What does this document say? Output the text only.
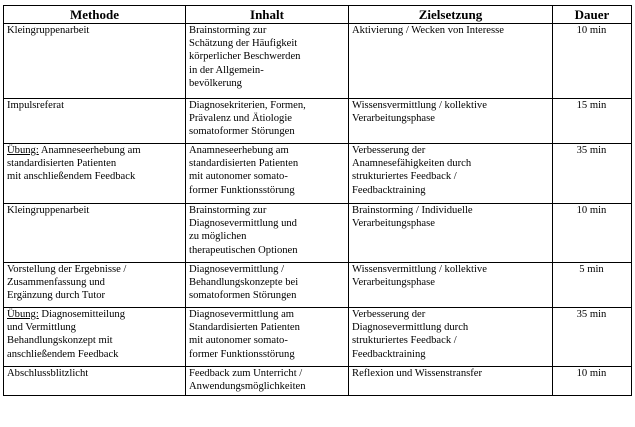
Methode	Inhalt	Zielsetzung	Dauer

Kleingruppenarbeit	Brainstorming zur
Schätzung der Häufigkeit
körperlicher Beschwerden
in der Allgemein-
bevölkerung	Aktivierung / Wecken von Interesse	10 min

Impulsreferat	Diagnosekriterien, Formen,
Prävalenz und Ätiologie
somatoformer Störungen	Wissensvermittlung / kollektive
Verarbeitungsphase	15 min

Übung: Anamneseerhebung am
standardisierten Patienten
mit anschließendem Feedback	Anamneseerhebung am
standardisierten Patienten
mit autonomer somato-
former Funktionsstörung	Verbesserung der
Anamnesefähigkeiten durch
strukturiertes Feedback /
Feedbacktraining	35 min

Kleingruppenarbeit	Brainstorming zur
Diagnosevermittlung und
zu möglichen
therapeutischen Optionen	Brainstorming / Individuelle
Verarbeitungsphase	10 min

Vorstellung der Ergebnisse /
Zusammenfassung und
Ergänzung durch Tutor	Diagnosevermittlung /
Behandlungskonzepte bei
somatoformen Störungen	Wissensvermittlung / kollektive
Verarbeitungsphase	5 min

Übung: Diagnosemitteilung
und Vermittlung
Behandlungskonzept mit
anschließendem Feedback	Diagnosevermittlung am
Standardisierten Patienten
mit autonomer somato-
former Funktionsstörung	Verbesserung der
Diagnosevermittlung durch
strukturiertes Feedback /
Feedbacktraining	35 min

Abschlussblitzlicht	Feedback zum Unterricht /
Anwendungsmöglichkeiten	Reflexion und Wissenstransfer	10 min
